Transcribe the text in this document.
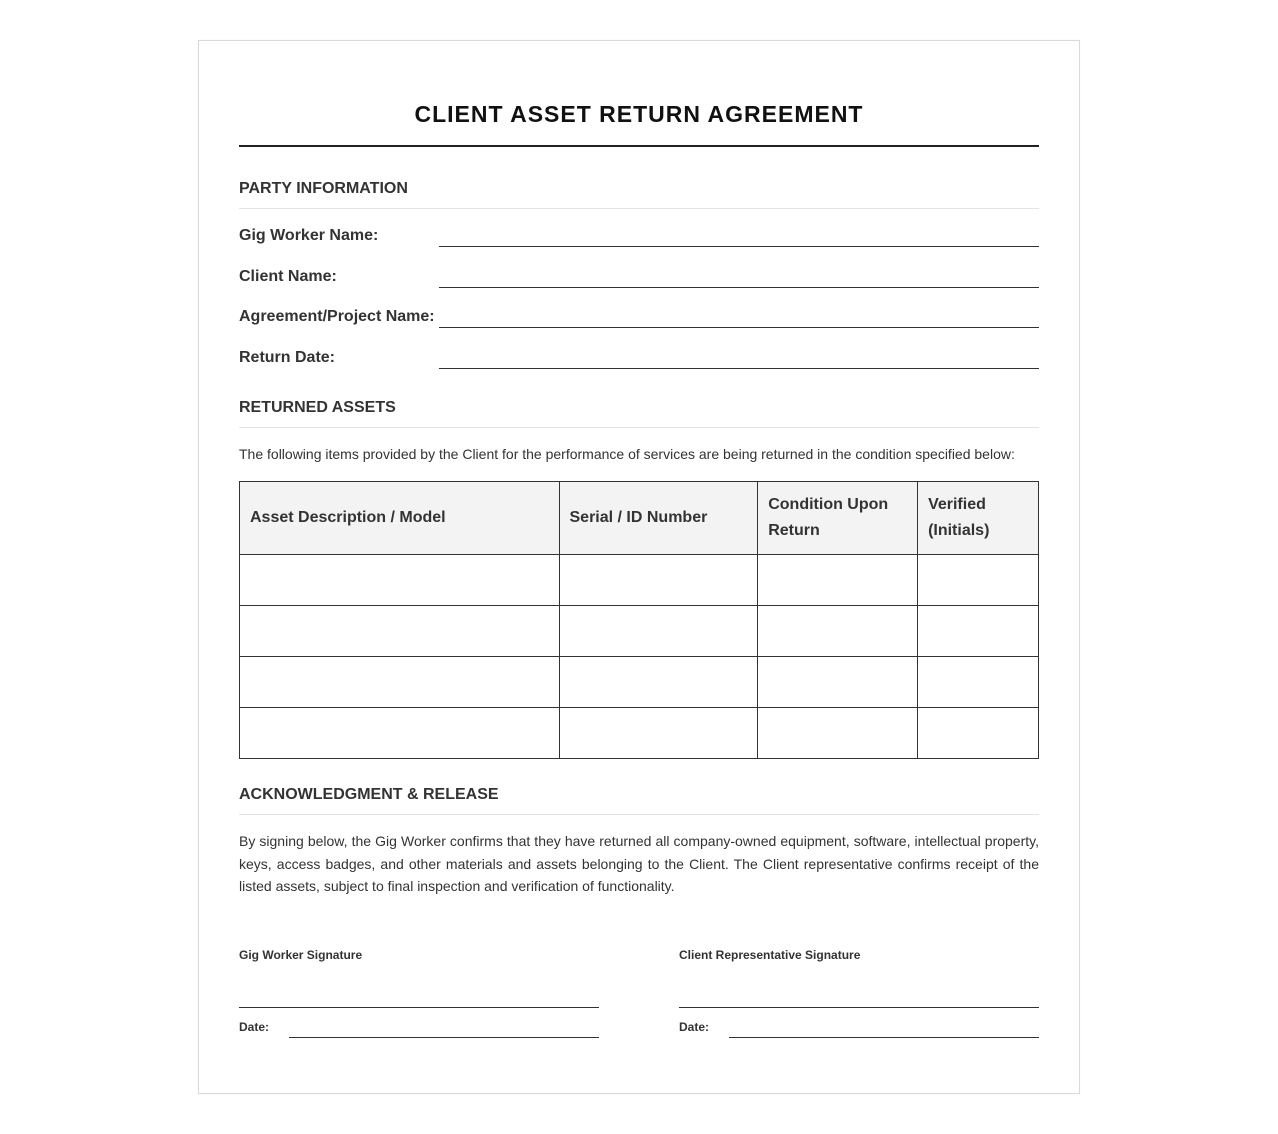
CLIENT ASSET RETURN AGREEMENT
PARTY INFORMATION
Gig Worker Name:
Client Name:
Agreement/Project Name:
Return Date:
RETURNED ASSETS
The following items provided by the Client for the performance of services are being returned in the condition specified below:
Asset Description / Model	Serial / ID Number	Condition Upon Return	Verified (Initials)

ACKNOWLEDGMENT & RELEASE
By signing below, the Gig Worker confirms that they have returned all company-owned equipment, software, intellectual property, keys, access badges, and other materials and assets belonging to the Client. The Client representative confirms receipt of the listed assets, subject to final inspection and verification of functionality.
Gig Worker Signature
Date:
Client Representative Signature
Date:
